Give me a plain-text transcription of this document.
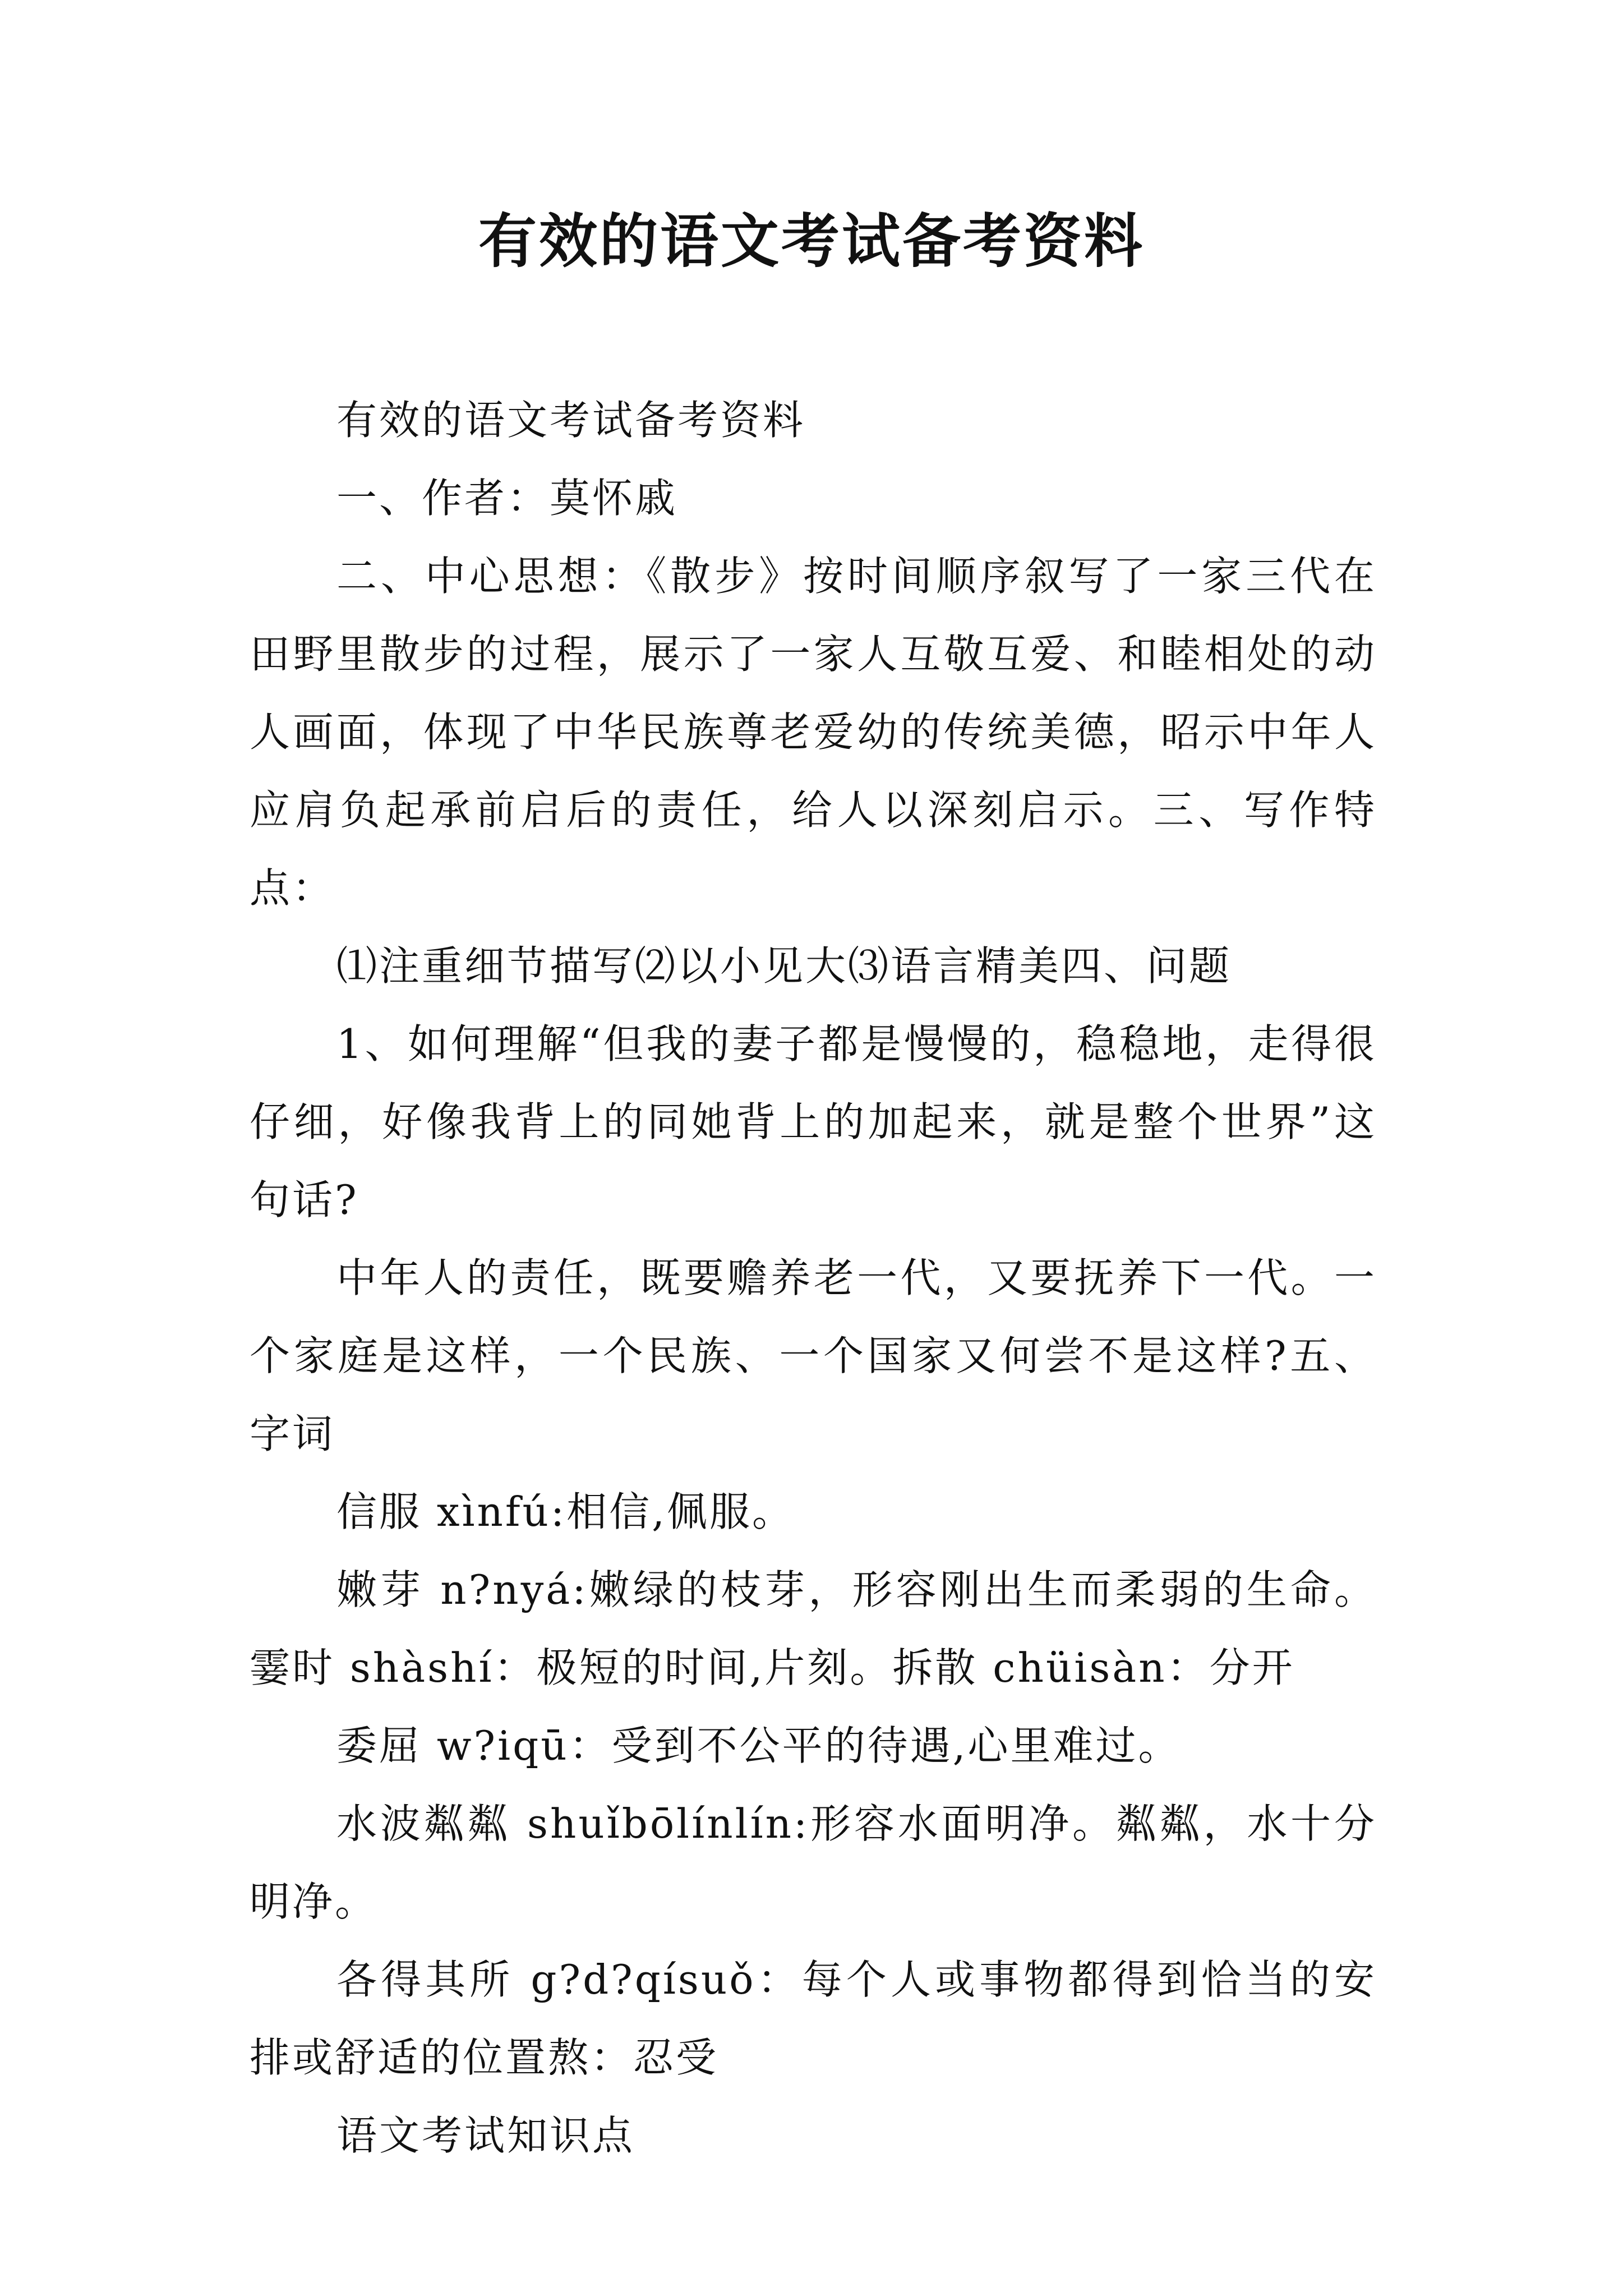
有效的语文考试备考资料

有效的语文考试备考资料

一、作者：莫怀戚

二、中心思想：《散步》按时间顺序叙写了一家三代在田野里散步的过程，展示了一家人互敬互爱、和睦相处的动人画面，体现了中华民族尊老爱幼的传统美德，昭示中年人应肩负起承前启后的责任，给人以深刻启示。三、写作特点：

⑴注重细节描写⑵以小见大⑶语言精美四、问题

1、如何理解“但我的妻子都是慢慢的，稳稳地，走得很仔细，好像我背上的同她背上的加起来，就是整个世界”这句话?

中年人的责任，既要赡养老一代，又要抚养下一代。一个家庭是这样，一个民族、一个国家又何尝不是这样?五、字词

信服 xìnfú:相信,佩服。

嫩芽 n?nyá:嫩绿的枝芽，形容刚出生而柔弱的生命。霎时 shàshí：极短的时间,片刻。拆散 chüisàn：分开

委屈 w?iqū：受到不公平的待遇,心里难过。

水波粼粼 shuǐbōlínlín:形容水面明净。粼粼，水十分明净。

各得其所 g?d?qísuǒ：每个人或事物都得到恰当的安排或舒适的位置熬：忍受

语文考试知识点
